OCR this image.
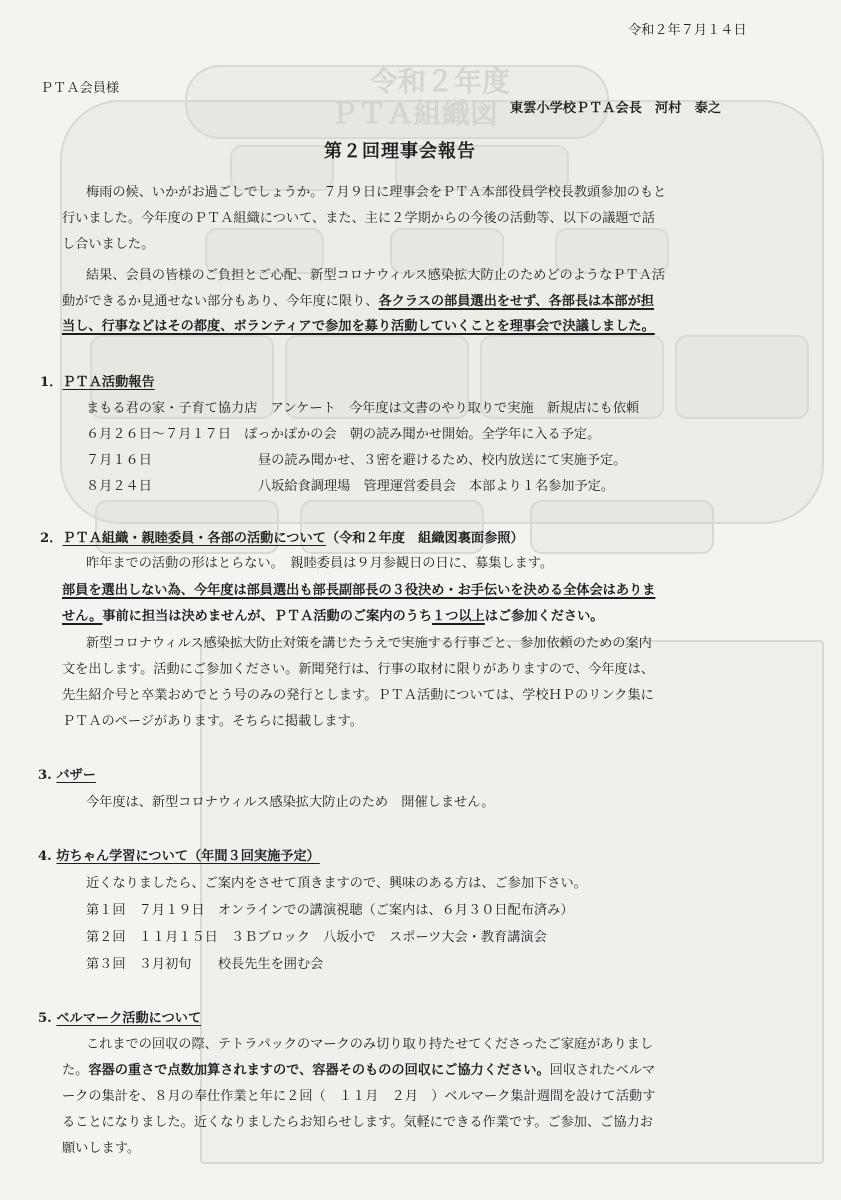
令和２年度
ＰＴＡ組織図
令和２年７月１４日
ＰＴＡ会員様
東雲小学校ＰＴＡ会長　河村　泰之
第２回理事会報告
梅雨の候、いかがお過ごしでしょうか。７月９日に理事会をＰＴＡ本部役員学校長教頭参加のもと
行いました。今年度のＰＴＡ組織について、また、主に２学期からの今後の活動等、以下の議題で話
し合いました。
結果、会員の皆様のご負担とご心配、新型コロナウィルス感染拡大防止のためどのようなＰＴＡ活
動ができるか見通せない部分もあり、今年度に限り、各クラスの部員選出をせず、各部長は本部が担
当し、行事などはその都度、ボランティアで参加を募り活動していくことを理事会で決議しました。
1．ＰＴＡ活動報告
まもる君の家・子育て協力店　アンケート　今年度は文書のやり取りで実施　新規店にも依頼
６月２６日～７月１７日　ぽっかぽかの会　朝の読み聞かせ開始。全学年に入る予定。
７月１６日	昼の読み聞かせ、３密を避けるため、校内放送にて実施予定。
８月２４日	八坂給食調理場　管理運営委員会　本部より１名参加予定。
2．ＰＴＡ組織・親睦委員・各部の活動について（令和２年度　組織図裏面参照）
昨年までの活動の形はとらない。　親睦委員は９月参観日の日に、募集します。
部員を選出しない為、今年度は部員選出も部長副部長の３役決め・お手伝いを決める全体会はありま
せん。事前に担当は決めませんが、ＰＴＡ活動のご案内のうち１つ以上はご参加ください。
新型コロナウィルス感染拡大防止対策を講じたうえで実施する行事ごと、参加依頼のための案内
文を出します。活動にご参加ください。新聞発行は、行事の取材に限りがありますので、今年度は、
先生紹介号と卒業おめでとう号のみの発行とします。ＰＴＡ活動については、学校ＨＰのリンク集に
ＰＴＡのページがあります。そちらに掲載します。
3. バザー
今年度は、新型コロナウィルス感染拡大防止のため　開催しません。
4. 坊ちゃん学習について（年間３回実施予定）
近くなりましたら、ご案内をさせて頂きますので、興味のある方は、ご参加下さい。
第１回　７月１９日　オンラインでの講演視聴（ご案内は、６月３０日配布済み）
第２回　１１月１５日　３Ｂブロック　八坂小で　スポーツ大会・教育講演会
第３回　３月初旬　　校長先生を囲む会
5. ベルマーク活動について
これまでの回収の際、テトラパックのマークのみ切り取り持たせてくださったご家庭がありまし
た。容器の重さで点数加算されますので、容器そのものの回収にご協力ください。回収されたベルマ
ークの集計を、８月の奉仕作業と年に２回（　１１月　２月　）ベルマーク集計週間を設けて活動す
ることになりました。近くなりましたらお知らせします。気軽にできる作業です。ご参加、ご協力お
願いします。
